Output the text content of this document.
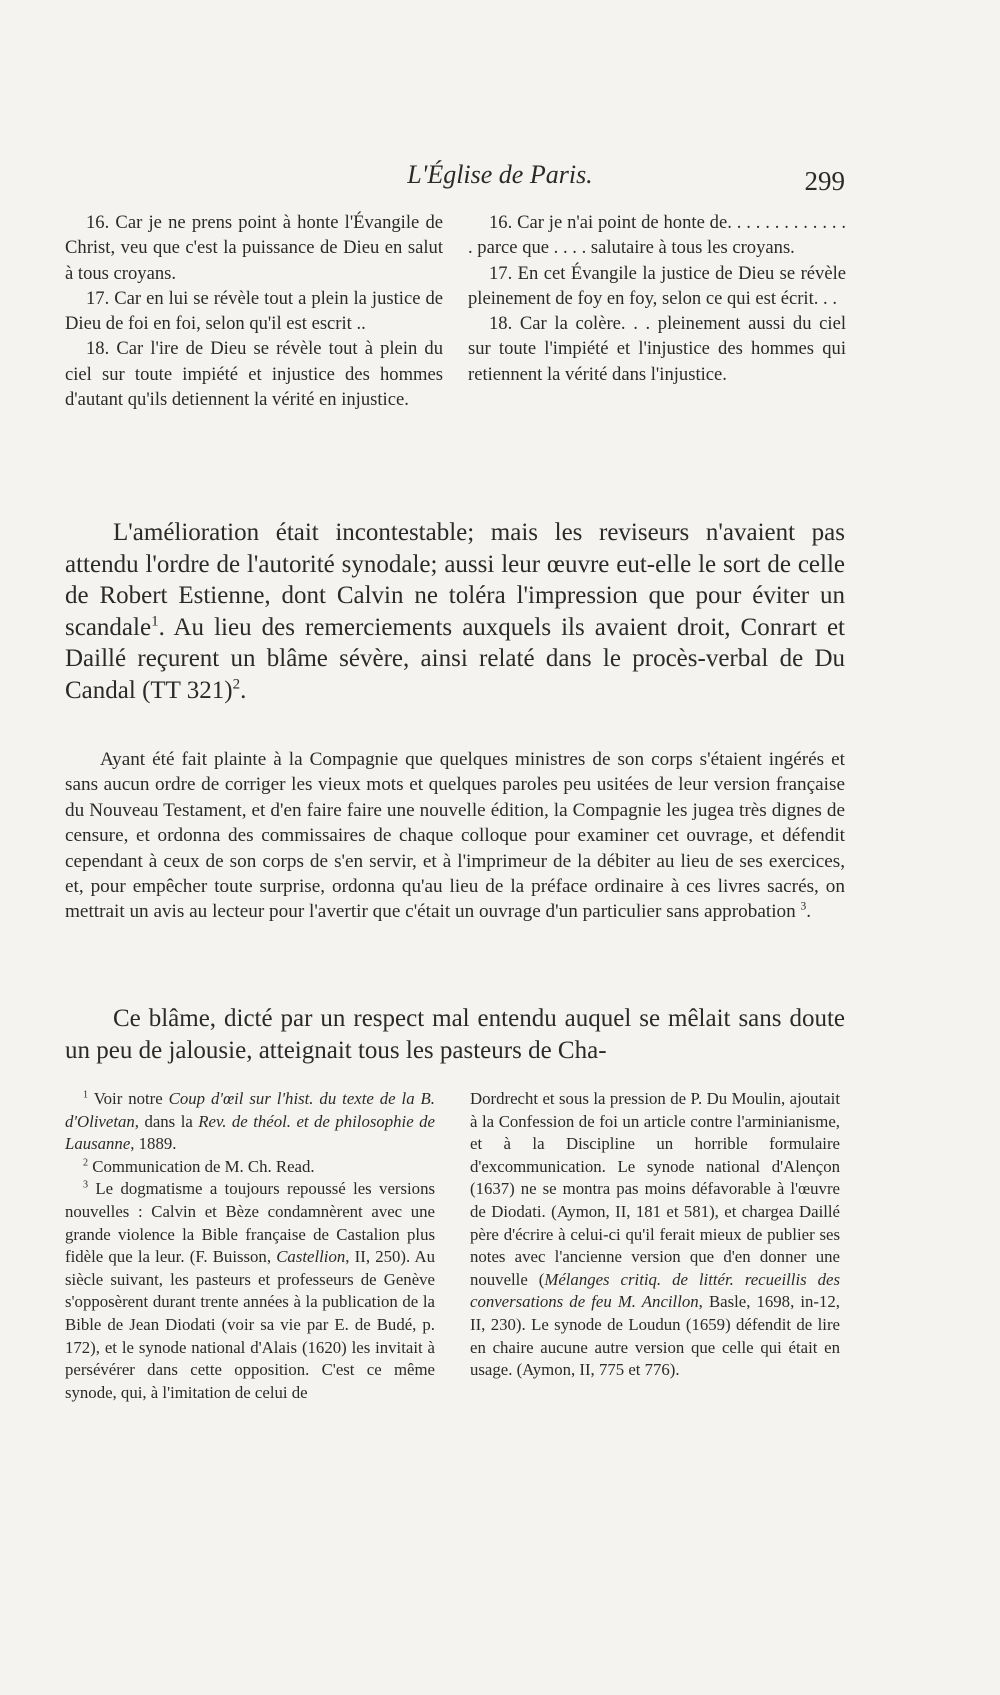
L'Église de Paris.	299

16. Car je ne prens point à honte l'Évangile de Christ, veu que c'est la puissance de Dieu en salut à tous croyans.

17. Car en lui se révèle tout a plein la justice de Dieu de foi en foi, selon qu'il est escrit ..

18. Car l'ire de Dieu se révèle tout à plein du ciel sur toute impiété et injustice des hommes d'autant qu'ils detiennent la vérité en injustice.

16. Car je n'ai point de honte de. . . . . . . . . . . . . . parce que . . . . salutaire à tous les croyans.

17. En cet Évangile la justice de Dieu se révèle pleinement de foy en foy, selon ce qui est écrit. . .

18. Car la colère. . . pleinement aussi du ciel sur toute l'impiété et l'injustice des hommes qui retiennent la vérité dans l'injustice.

L'amélioration était incontestable; mais les reviseurs n'avaient pas attendu l'ordre de l'autorité synodale; aussi leur œuvre eut-elle le sort de celle de Robert Estienne, dont Calvin ne toléra l'impression que pour éviter un scandale$^1$. Au lieu des remerciements auxquels ils avaient droit, Conrart et Daillé reçurent un blâme sévère, ainsi relaté dans le procès-verbal de Du Candal (TT 321)$^2$.

Ayant été fait plainte à la Compagnie que quelques ministres de son corps s'étaient ingérés et sans aucun ordre de corriger les vieux mots et quelques paroles peu usitées de leur version française du Nouveau Testament, et d'en faire faire une nouvelle édition, la Compagnie les jugea très dignes de censure, et ordonna des commissaires de chaque colloque pour examiner cet ouvrage, et défendit cependant à ceux de son corps de s'en servir, et à l'imprimeur de la débiter au lieu de ses exercices, et, pour empêcher toute surprise, ordonna qu'au lieu de la préface ordinaire à ces livres sacrés, on mettrait un avis au lecteur pour l'avertir que c'était un ouvrage d'un particulier sans approbation $^3$.

Ce blâme, dicté par un respect mal entendu auquel se mêlait sans doute un peu de jalousie, atteignait tous les pasteurs de Cha-

$^1$ Voir notre Coup d'œil sur l'hist. du texte de la B. d'Olivetan, dans la Rev. de théol. et de philosophie de Lausanne, 1889.

$^2$ Communication de M. Ch. Read.

$^3$ Le dogmatisme a toujours repoussé les versions nouvelles : Calvin et Bèze condamnèrent avec une grande violence la Bible française de Castalion plus fidèle que la leur. (F. Buisson, Castellion, II, 250). Au siècle suivant, les pasteurs et professeurs de Genève s'opposèrent durant trente années à la publication de la Bible de Jean Diodati (voir sa vie par E. de Budé, p. 172), et le synode national d'Alais (1620) les invitait à persévérer dans cette opposition. C'est ce même synode, qui, à l'imitation de celui de

Dordrecht et sous la pression de P. Du Moulin, ajoutait à la Confession de foi un article contre l'arminianisme, et à la Discipline un horrible formulaire d'excommunication. Le synode national d'Alençon (1637) ne se montra pas moins défavorable à l'œuvre de Diodati. (Aymon, II, 181 et 581), et chargea Daillé père d'écrire à celui-ci qu'il ferait mieux de publier ses notes avec l'ancienne version que d'en donner une nouvelle (Mélanges critiq. de littér. recueillis des conversations de feu M. Ancillon, Basle, 1698, in-12, II, 230). Le synode de Loudun (1659) défendit de lire en chaire aucune autre version que celle qui était en usage. (Aymon, II, 775 et 776).
